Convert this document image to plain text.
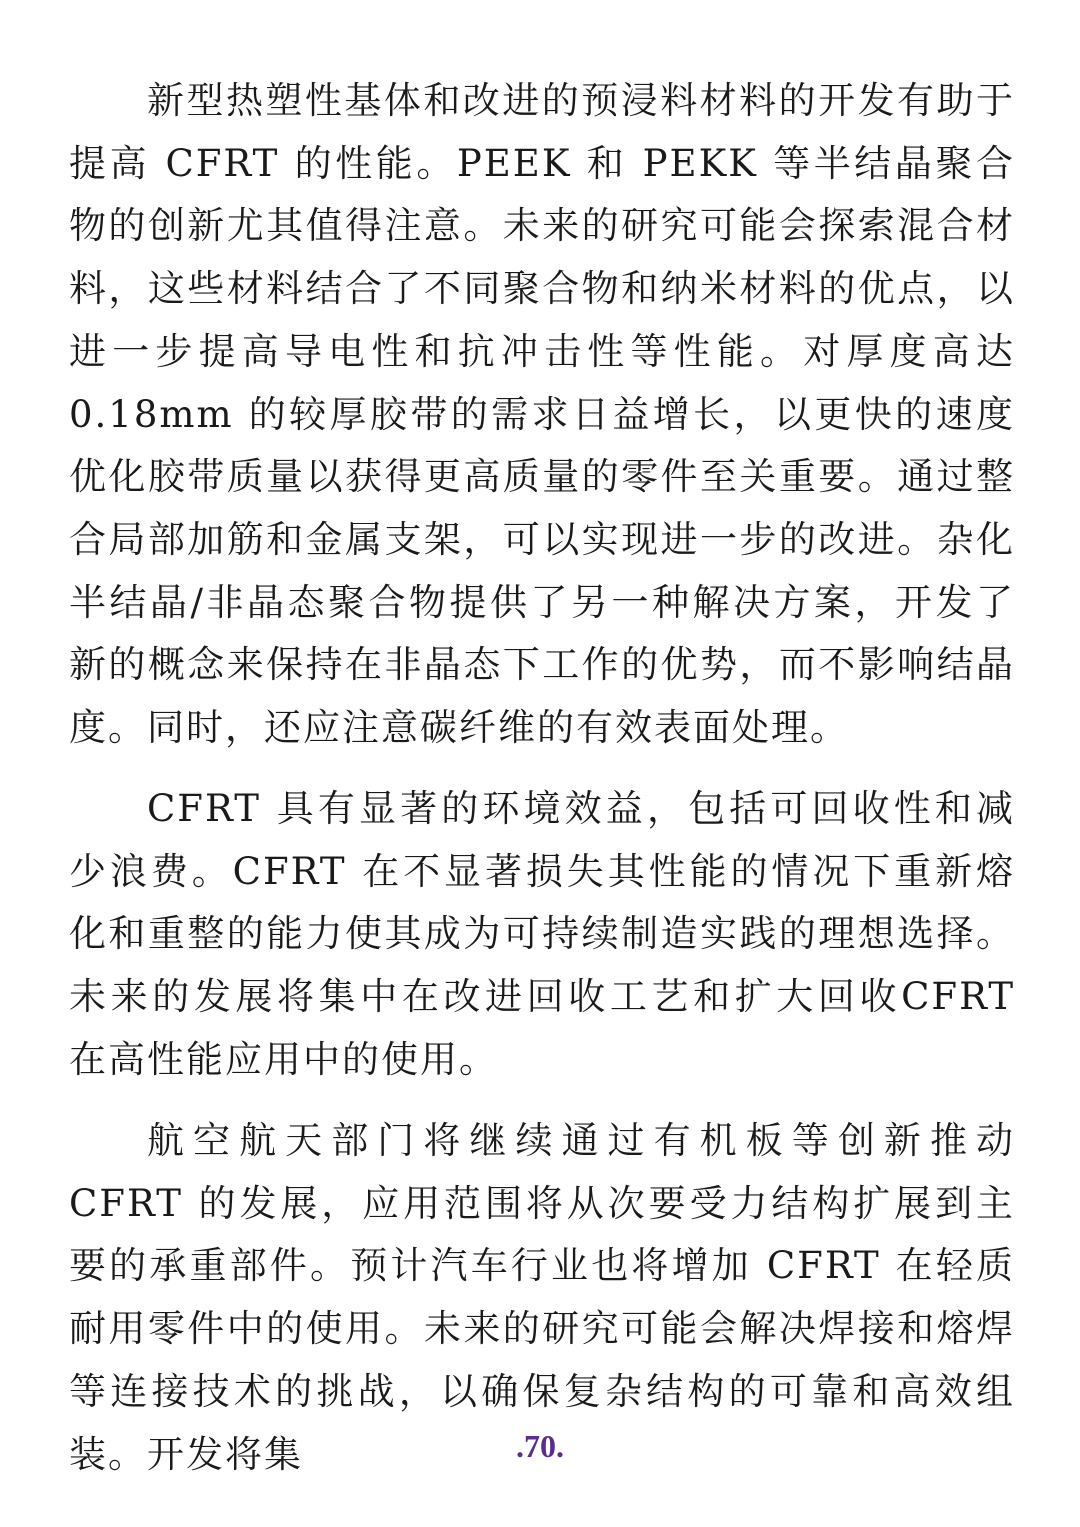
新型热塑性基体和改进的预浸料材料的开发有助于提高 CFRT 的性能。PEEK 和 PEKK 等半结晶聚合物的创新尤其值得注意。未来的研究可能会探索混合材料，这些材料结合了不同聚合物和纳米材料的优点，以进一步提高导电性和抗冲击性等性能。对厚度高达 0.18mm 的较厚胶带的需求日益增长，以更快的速度优化胶带质量以获得更高质量的零件至关重要。通过整合局部加筋和金属支架，可以实现进一步的改进。杂化半结晶/非晶态聚合物提供了另一种解决方案，开发了新的概念来保持在非晶态下工作的优势，而不影响结晶度。同时，还应注意碳纤维的有效表面处理。

CFRT 具有显著的环境效益，包括可回收性和减少浪费。CFRT 在不显著损失其性能的情况下重新熔化和重整的能力使其成为可持续制造实践的理想选择。未来的发展将集中在改进回收工艺和扩大回收CFRT 在高性能应用中的使用。

航空航天部门将继续通过有机板等创新推动 CFRT 的发展，应用范围将从次要受力结构扩展到主要的承重部件。预计汽车行业也将增加 CFRT 在轻质耐用零件中的使用。未来的研究可能会解决焊接和熔焊等连接技术的挑战，以确保复杂结构的可靠和高效组装。开发将集	.70.
